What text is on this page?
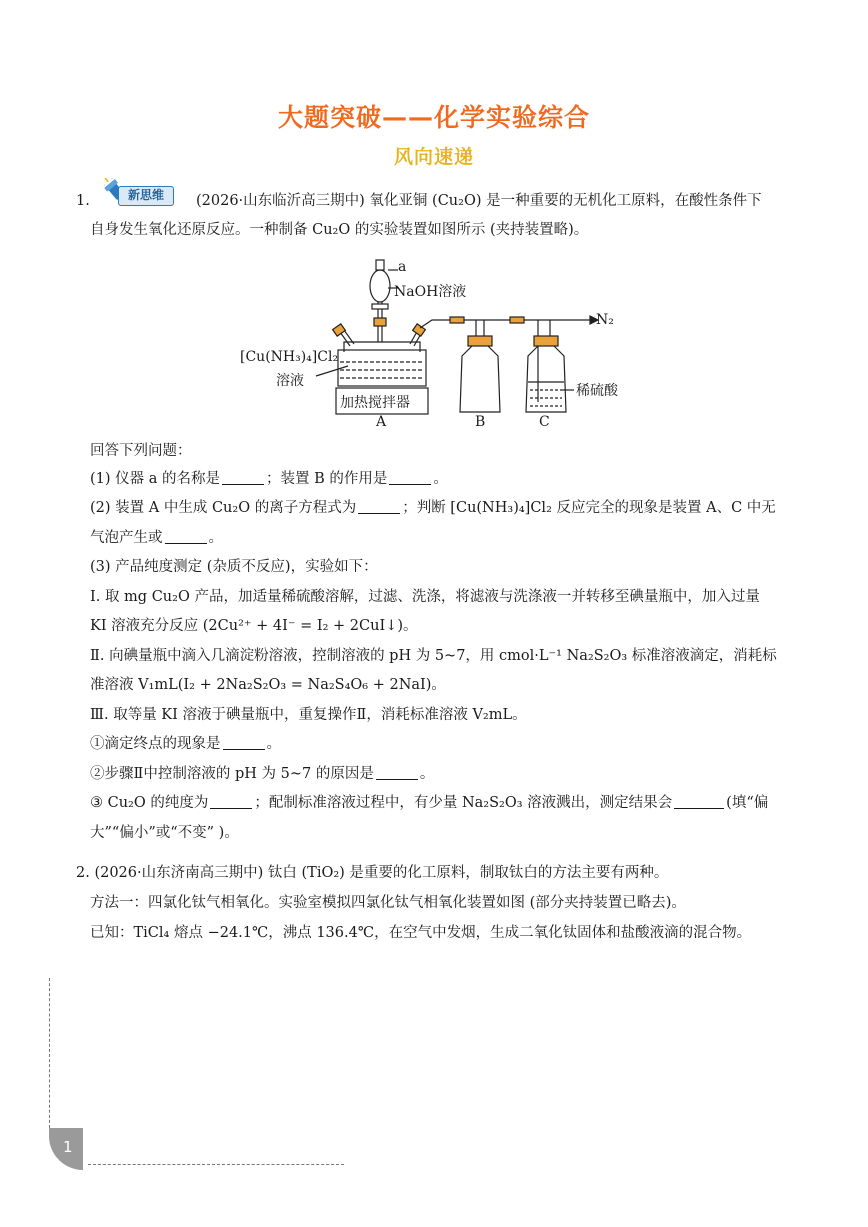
大题突破——化学实验综合
风向速递
1.	新思维	(2026·山东临沂高三期中) 氧化亚铜 (Cu₂O) 是一种重要的无机化工原料，在酸性条件下
自身发生氧化还原反应。一种制备 Cu₂O 的实验装置如图所示 (夹持装置略)。
a
NaOH溶液
N₂
[Cu(NH₃)₄]Cl₂
溶液
加热搅拌器
稀硫酸
A	B	C
回答下列问题：
(1) 仪器 a 的名称是	；装置 B 的作用是	。
(2) 装置 A 中生成 Cu₂O 的离子方程式为	；判断 [Cu(NH₃)₄]Cl₂ 反应完全的现象是装置 A、C 中无
气泡产生或	。
(3) 产品纯度测定 (杂质不反应)，实验如下：
Ⅰ. 取 mg Cu₂O 产品，加适量稀硫酸溶解，过滤、洗涤，将滤液与洗涤液一并转移至碘量瓶中，加入过量
KI 溶液充分反应 (2Cu²⁺ + 4I⁻ = I₂ + 2CuI↓)。
Ⅱ. 向碘量瓶中滴入几滴淀粉溶液，控制溶液的 pH 为 5~7，用 cmol·L⁻¹ Na₂S₂O₃ 标准溶液滴定，消耗标
准溶液 V₁mL(I₂ + 2Na₂S₂O₃ = Na₂S₄O₆ + 2NaI)。
Ⅲ. 取等量 KI 溶液于碘量瓶中，重复操作Ⅱ，消耗标准溶液 V₂mL。
①滴定终点的现象是	。
②步骤Ⅱ中控制溶液的 pH 为 5~7 的原因是	。
③ Cu₂O 的纯度为	；配制标准溶液过程中，有少量 Na₂S₂O₃ 溶液溅出，测定结果会	(填“偏
大”“偏小”或“不变” )。
2. (2026·山东济南高三期中) 钛白 (TiO₂) 是重要的化工原料，制取钛白的方法主要有两种。
方法一：四氯化钛气相氧化。实验室模拟四氯化钛气相氧化装置如图 (部分夹持装置已略去)。
已知：TiCl₄ 熔点 −24.1℃，沸点 136.4℃，在空气中发烟，生成二氧化钛固体和盐酸液滴的混合物。
1
